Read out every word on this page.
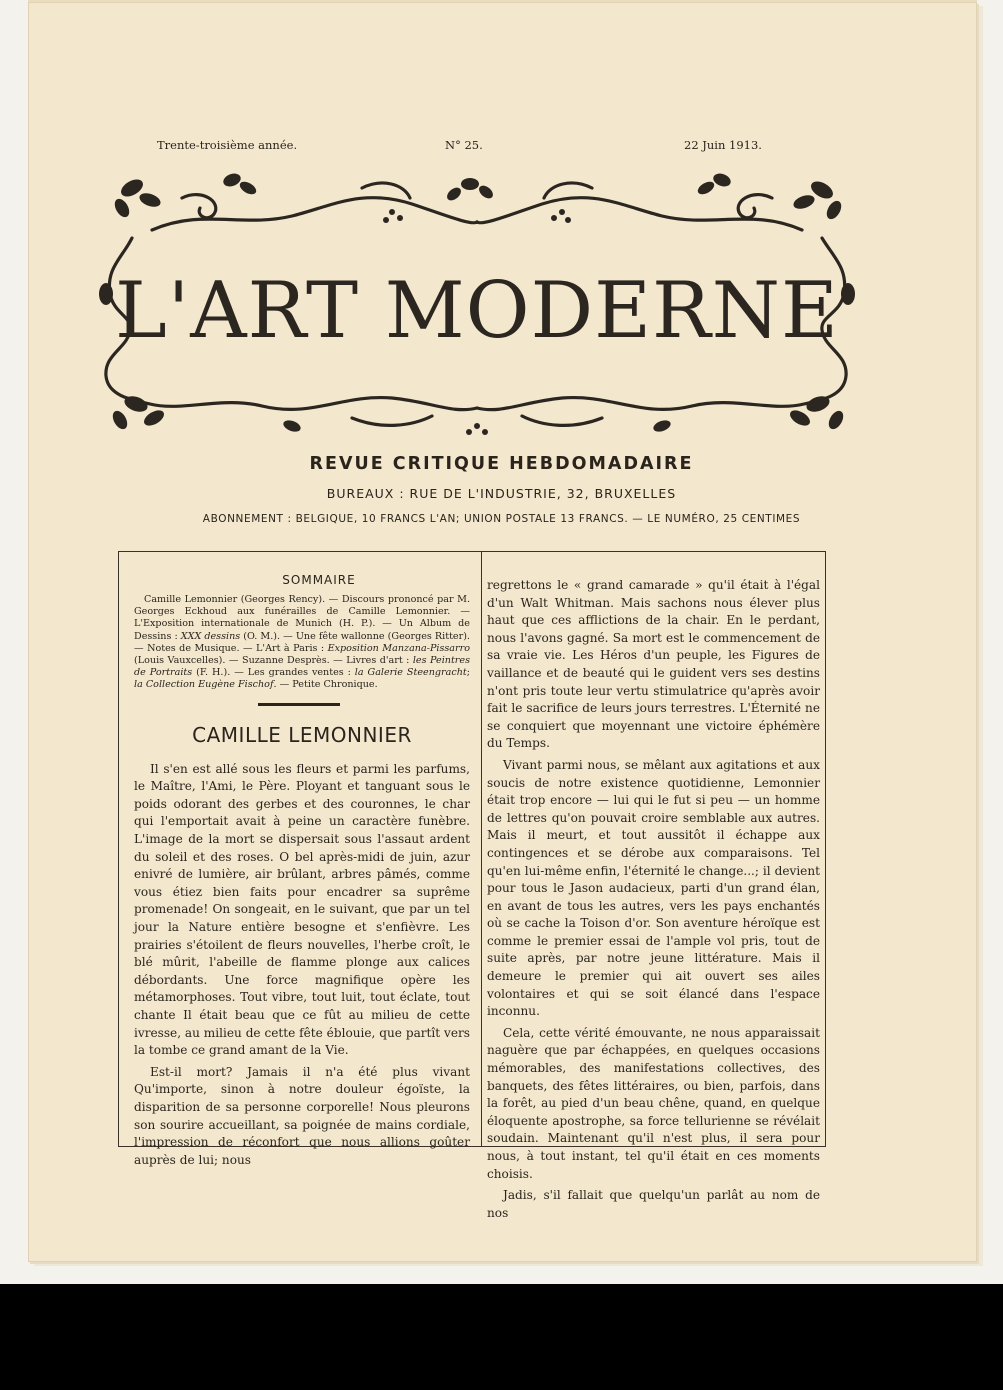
Trente-troisième année.	N° 25.	22 Juin 1913.
L'ART MODERNE
REVUE CRITIQUE HEBDOMADAIRE
BUREAUX : RUE DE L'INDUSTRIE, 32, BRUXELLES
ABONNEMENT : BELGIQUE, 10 FRANCS L'AN; UNION POSTALE 13 FRANCS. — LE NUMÉRO, 25 CENTIMES
SOMMAIRE
Camille Lemonnier (Georges Rency). — Discours prononcé par M. Georges Eckhoud aux funérailles de Camille Lemonnier. — L'Exposition internationale de Munich (H. P.). — Un Album de Dessins : XXX dessins (O. M.). — Une fête wallonne (Georges Ritter). — Notes de Musique. — L'Art à Paris : Exposition Manzana-Pissarro (Louis Vauxcelles). — Suzanne Desprès. — Livres d'art : les Peintres de Portraits (F. H.). — Les grandes ventes : la Galerie Steengracht; la Collection Eugène Fischof. — Petite Chronique.
CAMILLE LEMONNIER

Il s'en est allé sous les fleurs et parmi les parfums, le Maître, l'Ami, le Père. Ployant et tanguant sous le poids odorant des gerbes et des couronnes, le char qui l'emportait avait à peine un caractère funèbre. L'image de la mort se dispersait sous l'assaut ardent du soleil et des roses. O bel après-midi de juin, azur enivré de lumière, air brûlant, arbres pâmés, comme vous étiez bien faits pour encadrer sa suprême promenade! On songeait, en le suivant, que par un tel jour la Nature entière besogne et s'enfièvre. Les prairies s'étoilent de fleurs nouvelles, l'herbe croît, le blé mûrit, l'abeille de flamme plonge aux calices débordants. Une force magnifique opère les métamorphoses. Tout vibre, tout luit, tout éclate, tout chante Il était beau que ce fût au milieu de cette ivresse, au milieu de cette fête éblouie, que partît vers la tombe ce grand amant de la Vie.

Est-il mort? Jamais il n'a été plus vivant Qu'importe, sinon à notre douleur égoïste, la disparition de sa personne corporelle! Nous pleurons son sourire accueillant, sa poignée de mains cordiale, l'impression de réconfort que nous allions goûter auprès de lui; nous

regrettons le « grand camarade » qu'il était à l'égal d'un Walt Whitman. Mais sachons nous élever plus haut que ces afflictions de la chair. En le perdant, nous l'avons gagné. Sa mort est le commencement de sa vraie vie. Les Héros d'un peuple, les Figures de vaillance et de beauté qui le guident vers ses destins n'ont pris toute leur vertu stimulatrice qu'après avoir fait le sacrifice de leurs jours terrestres. L'Éternité ne se conquiert que moyennant une victoire éphémère du Temps.

Vivant parmi nous, se mêlant aux agitations et aux soucis de notre existence quotidienne, Lemonnier était trop encore — lui qui le fut si peu — un homme de lettres qu'on pouvait croire semblable aux autres. Mais il meurt, et tout aussitôt il échappe aux contingences et se dérobe aux comparaisons. Tel qu'en lui-même enfin, l'éternité le change...; il devient pour tous le Jason audacieux, parti d'un grand élan, en avant de tous les autres, vers les pays enchantés où se cache la Toison d'or. Son aventure héroïque est comme le premier essai de l'ample vol pris, tout de suite après, par notre jeune littérature. Mais il demeure le premier qui ait ouvert ses ailes volontaires et qui se soit élancé dans l'espace inconnu.

Cela, cette vérité émouvante, ne nous apparaissait naguère que par échappées, en quelques occasions mémorables, des manifestations collectives, des banquets, des fêtes littéraires, ou bien, parfois, dans la forêt, au pied d'un beau chêne, quand, en quelque éloquente apostrophe, sa force tellurienne se révélait soudain. Maintenant qu'il n'est plus, il sera pour nous, à tout instant, tel qu'il était en ces moments choisis.

Jadis, s'il fallait que quelqu'un parlât au nom de nos
